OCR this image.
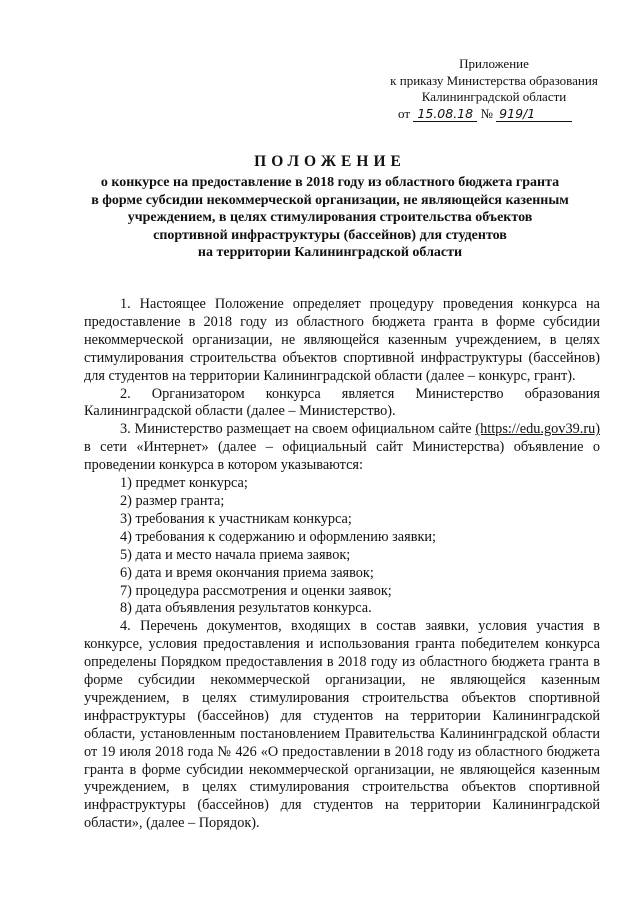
Приложение
к приказу Министерства образования
Калининградской области
от 15.08.18 № 919/1
ПОЛОЖЕНИЕ
о конкурсе на предоставление в 2018 году из областного бюджета гранта
в форме субсидии некоммерческой организации, не являющейся казенным
учреждением, в целях стимулирования строительства объектов
спортивной инфраструктуры (бассейнов) для студентов
на территории Калининградской области

1. Настоящее Положение определяет процедуру проведения конкурса на предоставление в 2018 году из областного бюджета гранта в форме субсидии некоммерческой организации, не являющейся казенным учреждением, в целях стимулирования строительства объектов спортивной инфраструктуры (бассейнов) для студентов на территории Калининградской области (далее – конкурс, грант).

2. Организатором конкурса является Министерство образования Калининградской области (далее – Министерство).

3. Министерство размещает на своем официальном сайте (https://edu.gov39.ru) в сети «Интернет» (далее – официальный сайт Министерства) объявление о проведении конкурса в котором указываются:

1) предмет конкурса;

2) размер гранта;

3) требования к участникам конкурса;

4) требования к содержанию и оформлению заявки;

5) дата и место начала приема заявок;

6) дата и время окончания приема заявок;

7) процедура рассмотрения и оценки заявок;

8) дата объявления результатов конкурса.

4. Перечень документов, входящих в состав заявки, условия участия в конкурсе, условия предоставления и использования гранта победителем конкурса определены Порядком предоставления в 2018 году из областного бюджета гранта в форме субсидии некоммерческой организации, не являющейся казенным учреждением, в целях стимулирования строительства объектов спортивной инфраструктуры (бассейнов) для студентов на территории Калининградской области, установленным постановлением Правительства Калининградской области от 19 июля 2018 года № 426 «О предоставлении в 2018 году из областного бюджета гранта в форме субсидии некоммерческой организации, не являющейся казенным учреждением, в целях стимулирования строительства объектов спортивной инфраструктуры (бассейнов) для студентов на территории Калининградской области», (далее – Порядок).
